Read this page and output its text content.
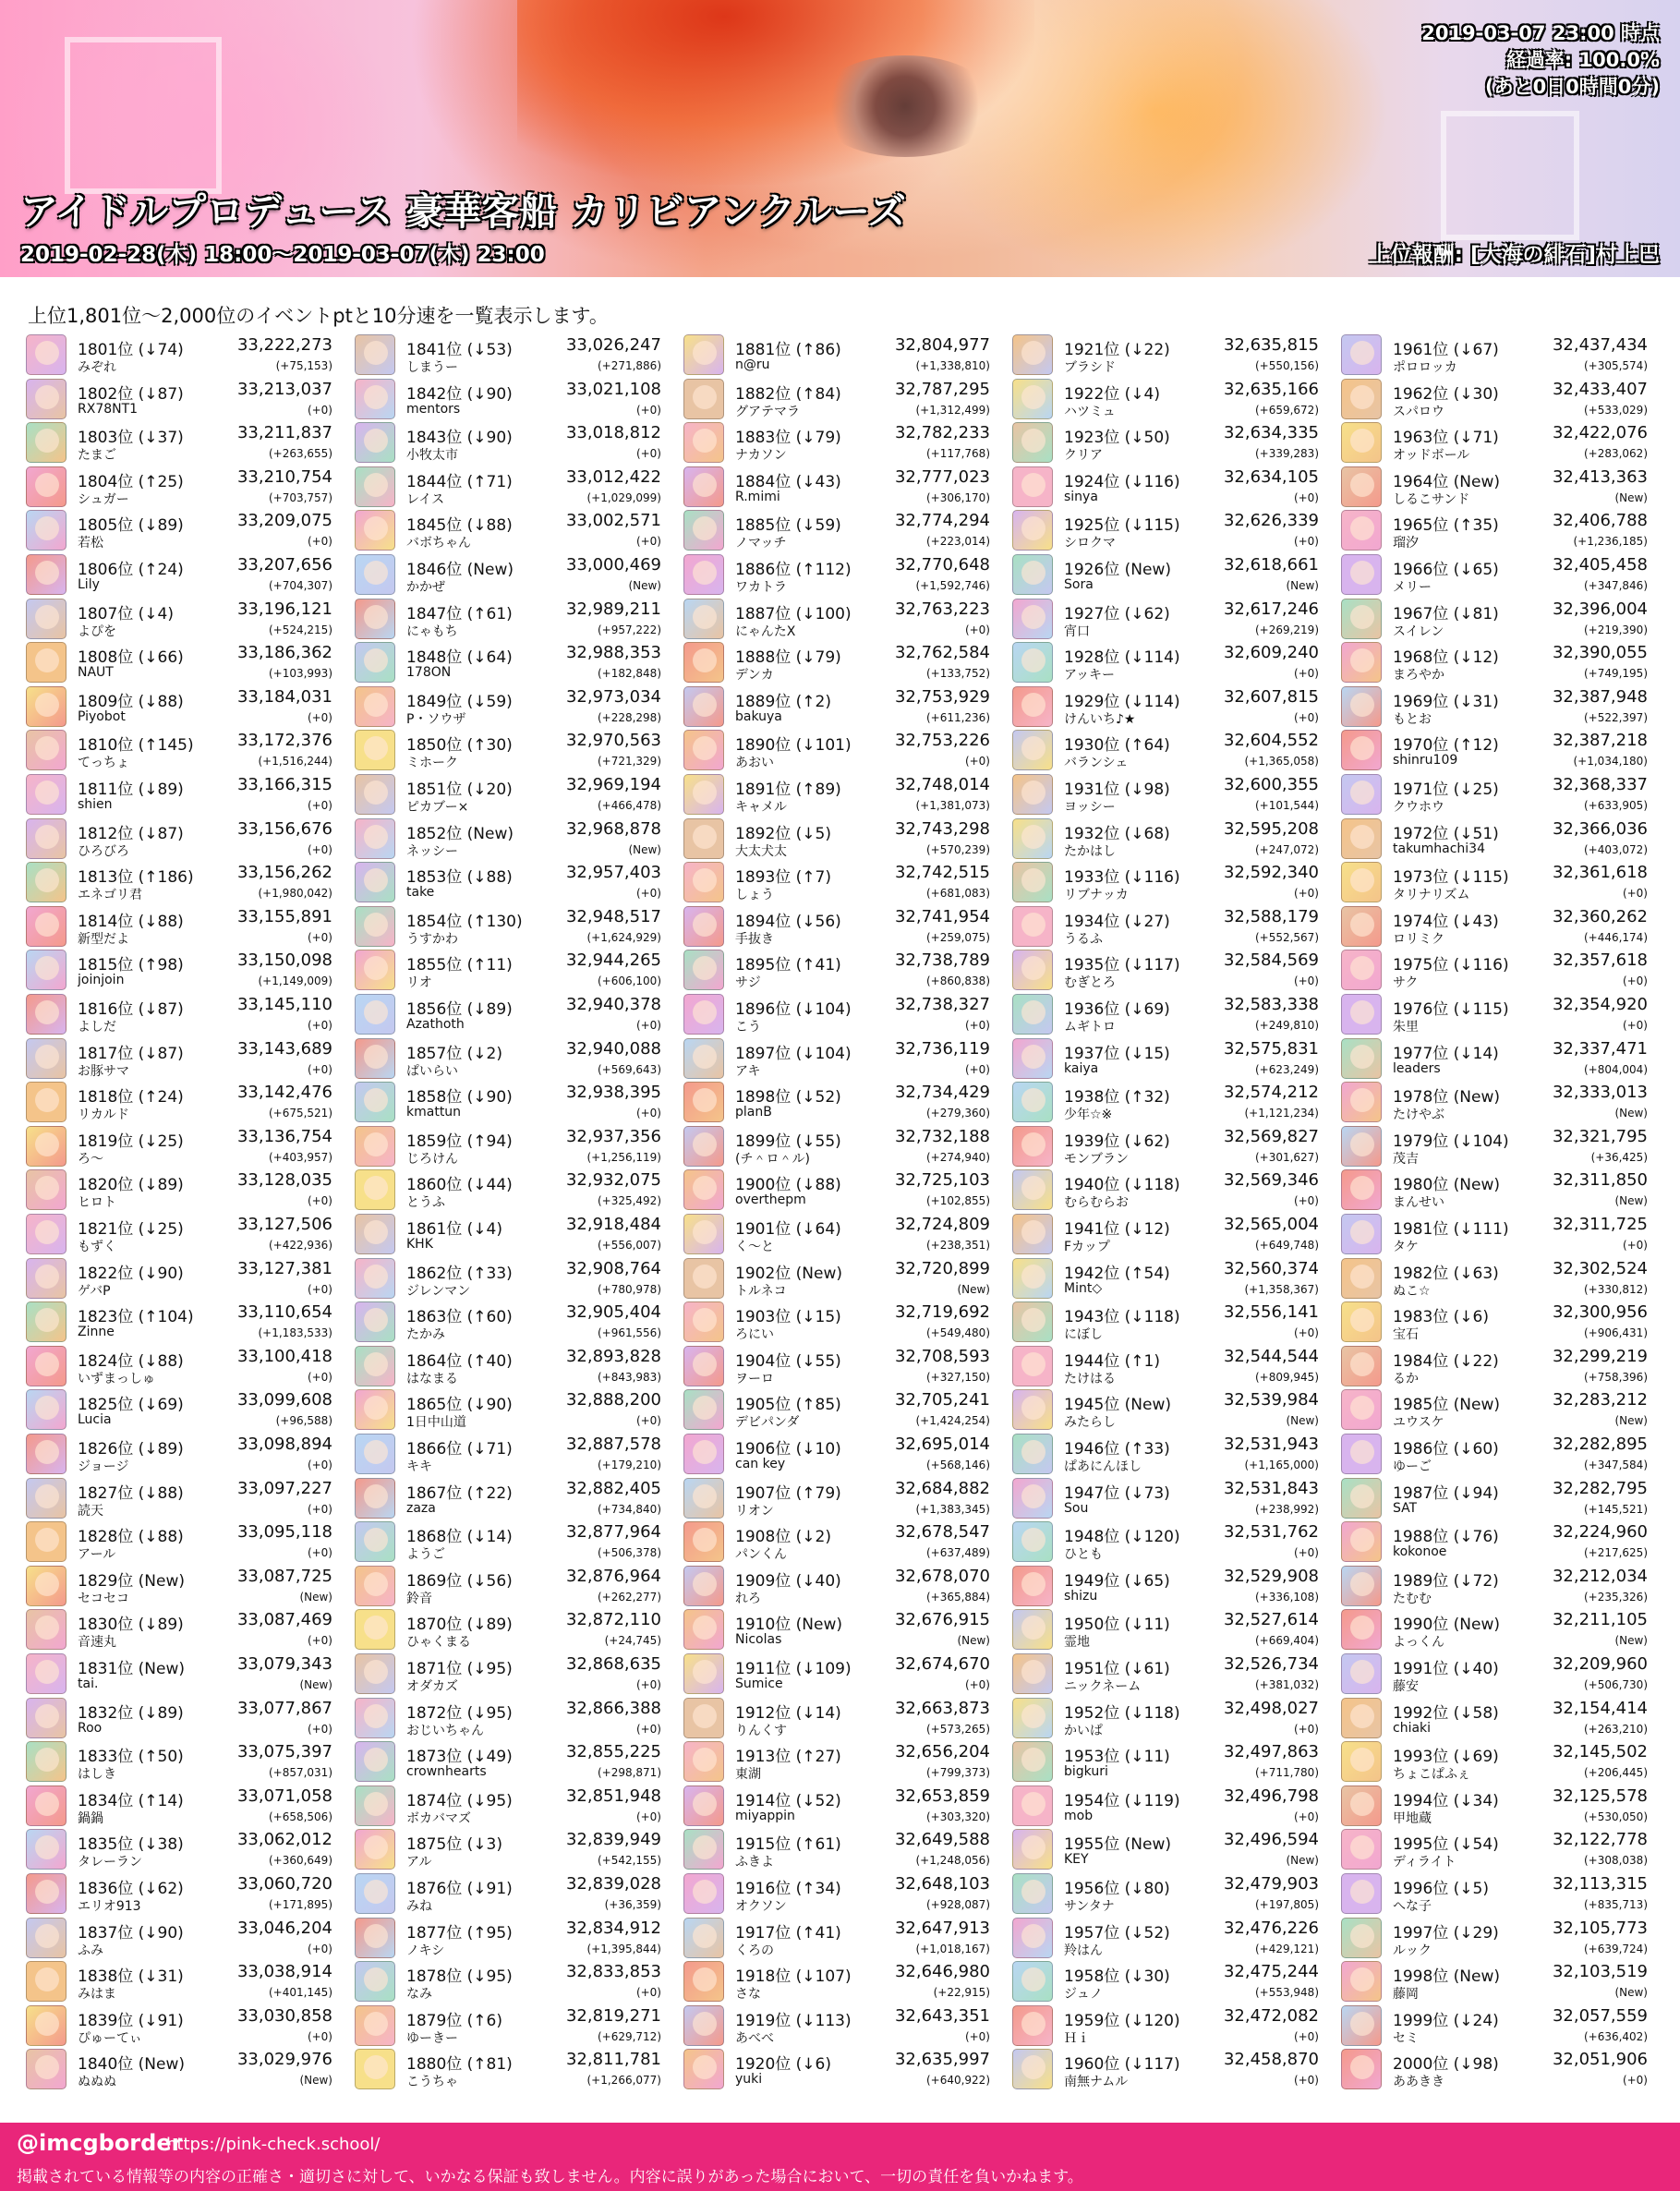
2019-03-07 23:00 時点
経過率: 100.0%
(あと0日0時間0分)
アイドルプロデュース 豪華客船 カリビアンクルーズ
2019-02-28(木) 18:00～2019-03-07(木) 23:00	上位報酬: [大海の緋石]村上巴
上位1,801位～2,000位のイベントptと10分速を一覧表示します。
1801位 (↓74)	33,222,273
みぞれ	(+75,153)
1802位 (↓87)	33,213,037
RX78NT1	(+0)
1803位 (↓37)	33,211,837
たまご	(+263,655)
1804位 (↑25)	33,210,754
シュガー	(+703,757)
1805位 (↓89)	33,209,075
若松	(+0)
1806位 (↑24)	33,207,656
Lily	(+704,307)
1807位 (↓4)	33,196,121
よぴを	(+524,215)
1808位 (↓66)	33,186,362
NAUT	(+103,993)
1809位 (↓88)	33,184,031
Piyobot	(+0)
1810位 (↑145)	33,172,376
てっちょ	(+1,516,244)
1811位 (↓89)	33,166,315
shien	(+0)
1812位 (↓87)	33,156,676
ひろびろ	(+0)
1813位 (↑186)	33,156,262
エネゴリ君	(+1,980,042)
1814位 (↓88)	33,155,891
新型だよ	(+0)
1815位 (↑98)	33,150,098
joinjoin	(+1,149,009)
1816位 (↓87)	33,145,110
よしだ	(+0)
1817位 (↓87)	33,143,689
お豚サマ	(+0)
1818位 (↑24)	33,142,476
リカルド	(+675,521)
1819位 (↓25)	33,136,754
ろ～	(+403,957)
1820位 (↓89)	33,128,035
ヒロト	(+0)
1821位 (↓25)	33,127,506
もずく	(+422,936)
1822位 (↓90)	33,127,381
ゲバP	(+0)
1823位 (↑104)	33,110,654
Zinne	(+1,183,533)
1824位 (↓88)	33,100,418
いずまっしゅ	(+0)
1825位 (↓69)	33,099,608
Lucia	(+96,588)
1826位 (↓89)	33,098,894
ジョージ	(+0)
1827位 (↓88)	33,097,227
読天	(+0)
1828位 (↓88)	33,095,118
アール	(+0)
1829位 (New)	33,087,725
セコセコ	(New)
1830位 (↓89)	33,087,469
音速丸	(+0)
1831位 (New)	33,079,343
tai.	(New)
1832位 (↓89)	33,077,867
Roo	(+0)
1833位 (↑50)	33,075,397
はしき	(+857,031)
1834位 (↑14)	33,071,058
鍋鍋	(+658,506)
1835位 (↓38)	33,062,012
タレーラン	(+360,649)
1836位 (↓62)	33,060,720
エリオ913	(+171,895)
1837位 (↓90)	33,046,204
ふみ	(+0)
1838位 (↓31)	33,038,914
みはま	(+401,145)
1839位 (↓91)	33,030,858
ぴゅーてぃ	(+0)
1840位 (New)	33,029,976
ぬぬぬ	(New)
1841位 (↓53)	33,026,247
しまうー	(+271,886)
1842位 (↓90)	33,021,108
mentors	(+0)
1843位 (↓90)	33,018,812
小牧太市	(+0)
1844位 (↑71)	33,012,422
レイス	(+1,029,099)
1845位 (↓88)	33,002,571
バボちゃん	(+0)
1846位 (New)	33,000,469
かかぜ	(New)
1847位 (↑61)	32,989,211
にゃもち	(+957,222)
1848位 (↓64)	32,988,353
178ON	(+182,848)
1849位 (↓59)	32,973,034
P・ソウザ	(+228,298)
1850位 (↑30)	32,970,563
ミホーク	(+721,329)
1851位 (↓20)	32,969,194
ピカブー×	(+466,478)
1852位 (New)	32,968,878
ネッシー	(New)
1853位 (↓88)	32,957,403
take	(+0)
1854位 (↑130)	32,948,517
うすかわ	(+1,624,929)
1855位 (↑11)	32,944,265
リオ	(+606,100)
1856位 (↓89)	32,940,378
Azathoth	(+0)
1857位 (↓2)	32,940,088
ぱいらい	(+569,643)
1858位 (↓90)	32,938,395
kmattun	(+0)
1859位 (↑94)	32,937,356
じろけん	(+1,256,119)
1860位 (↓44)	32,932,075
とうふ	(+325,492)
1861位 (↓4)	32,918,484
KHK	(+556,007)
1862位 (↑33)	32,908,764
ジレンマン	(+780,978)
1863位 (↑60)	32,905,404
たかみ	(+961,556)
1864位 (↑40)	32,893,828
はなまる	(+843,983)
1865位 (↓90)	32,888,200
1日中山道	(+0)
1866位 (↓71)	32,887,578
キキ	(+179,210)
1867位 (↑22)	32,882,405
zaza	(+734,840)
1868位 (↓14)	32,877,964
ようご	(+506,378)
1869位 (↓56)	32,876,964
鈴音	(+262,277)
1870位 (↓89)	32,872,110
ひゃくまる	(+24,745)
1871位 (↓95)	32,868,635
オダカズ	(+0)
1872位 (↓95)	32,866,388
おじいちゃん	(+0)
1873位 (↓49)	32,855,225
crownhearts	(+298,871)
1874位 (↓95)	32,851,948
ボカバマズ	(+0)
1875位 (↓3)	32,839,949
アル	(+542,155)
1876位 (↓91)	32,839,028
みね	(+36,359)
1877位 (↑95)	32,834,912
ノキシ	(+1,395,844)
1878位 (↓95)	32,833,853
なみ	(+0)
1879位 (↑6)	32,819,271
ゆーきー	(+629,712)
1880位 (↑81)	32,811,781
こうちゃ	(+1,266,077)
1881位 (↑86)	32,804,977
n@ru	(+1,338,810)
1882位 (↑84)	32,787,295
グアテマラ	(+1,312,499)
1883位 (↓79)	32,782,233
ナカソン	(+117,768)
1884位 (↓43)	32,777,023
R.mimi	(+306,170)
1885位 (↓59)	32,774,294
ノマッチ	(+223,014)
1886位 (↑112)	32,770,648
ワカトラ	(+1,592,746)
1887位 (↓100)	32,763,223
にゃんたX	(+0)
1888位 (↓79)	32,762,584
デンカ	(+133,752)
1889位 (↑2)	32,753,929
bakuya	(+611,236)
1890位 (↓101)	32,753,226
あおい	(+0)
1891位 (↑89)	32,748,014
キャメル	(+1,381,073)
1892位 (↓5)	32,743,298
大太犬太	(+570,239)
1893位 (↑7)	32,742,515
しょう	(+681,083)
1894位 (↓56)	32,741,954
手抜き	(+259,075)
1895位 (↑41)	32,738,789
サジ	(+860,838)
1896位 (↓104)	32,738,327
こう	(+0)
1897位 (↓104)	32,736,119
アキ	(+0)
1898位 (↓52)	32,734,429
planB	(+279,360)
1899位 (↓55)	32,732,188
(チ＾ロ＾ル)	(+274,940)
1900位 (↓88)	32,725,103
overthepm	(+102,855)
1901位 (↓64)	32,724,809
く～と	(+238,351)
1902位 (New)	32,720,899
トルネコ	(New)
1903位 (↓15)	32,719,692
ろにい	(+549,480)
1904位 (↓55)	32,708,593
ヲーロ	(+327,150)
1905位 (↑85)	32,705,241
デビパンダ	(+1,424,254)
1906位 (↓10)	32,695,014
can key	(+568,146)
1907位 (↑79)	32,684,882
リオン	(+1,383,345)
1908位 (↓2)	32,678,547
パンくん	(+637,489)
1909位 (↓40)	32,678,070
れろ	(+365,884)
1910位 (New)	32,676,915
Nicolas	(New)
1911位 (↓109)	32,674,670
Sumice	(+0)
1912位 (↓14)	32,663,873
りんくす	(+573,265)
1913位 (↑27)	32,656,204
東湖	(+799,373)
1914位 (↓52)	32,653,859
miyappin	(+303,320)
1915位 (↑61)	32,649,588
ふきよ	(+1,248,056)
1916位 (↑34)	32,648,103
オクソン	(+928,087)
1917位 (↑41)	32,647,913
くろの	(+1,018,167)
1918位 (↓107)	32,646,980
さな	(+22,915)
1919位 (↓113)	32,643,351
あべべ	(+0)
1920位 (↓6)	32,635,997
yuki	(+640,922)
1921位 (↓22)	32,635,815
ブラシド	(+550,156)
1922位 (↓4)	32,635,166
ハツミュ	(+659,672)
1923位 (↓50)	32,634,335
クリア	(+339,283)
1924位 (↓116)	32,634,105
sinya	(+0)
1925位 (↓115)	32,626,339
シロクマ	(+0)
1926位 (New)	32,618,661
Sora	(New)
1927位 (↓62)	32,617,246
宵口	(+269,219)
1928位 (↓114)	32,609,240
アッキー	(+0)
1929位 (↓114)	32,607,815
けんいち♪★	(+0)
1930位 (↑64)	32,604,552
バランシェ	(+1,365,058)
1931位 (↓98)	32,600,355
ヨッシー	(+101,544)
1932位 (↓68)	32,595,208
たかはし	(+247,072)
1933位 (↓116)	32,592,340
リブナッカ	(+0)
1934位 (↓27)	32,588,179
うるふ	(+552,567)
1935位 (↓117)	32,584,569
むぎとろ	(+0)
1936位 (↓69)	32,583,338
ムギトロ	(+249,810)
1937位 (↓15)	32,575,831
kaiya	(+623,249)
1938位 (↑32)	32,574,212
少年☆※	(+1,121,234)
1939位 (↓62)	32,569,827
モンブラン	(+301,627)
1940位 (↓118)	32,569,346
むらむらお	(+0)
1941位 (↓12)	32,565,004
Fカップ	(+649,748)
1942位 (↑54)	32,560,374
Mint◇	(+1,358,367)
1943位 (↓118)	32,556,141
にぼし	(+0)
1944位 (↑1)	32,544,544
たけはる	(+809,945)
1945位 (New)	32,539,984
みたらし	(New)
1946位 (↑33)	32,531,943
ぱあにんほし	(+1,165,000)
1947位 (↓73)	32,531,843
Sou	(+238,992)
1948位 (↓120)	32,531,762
ひとも	(+0)
1949位 (↓65)	32,529,908
shizu	(+336,108)
1950位 (↓11)	32,527,614
霊地	(+669,404)
1951位 (↓61)	32,526,734
ニックネーム	(+381,032)
1952位 (↓118)	32,498,027
かいぱ	(+0)
1953位 (↓11)	32,497,863
bigkuri	(+711,780)
1954位 (↓119)	32,496,798
mob	(+0)
1955位 (New)	32,496,594
KEY	(New)
1956位 (↓80)	32,479,903
サンタナ	(+197,805)
1957位 (↓52)	32,476,226
羚はん	(+429,121)
1958位 (↓30)	32,475,244
ジュノ	(+553,948)
1959位 (↓120)	32,472,082
Ｈｉ	(+0)
1960位 (↓117)	32,458,870
南無ナムル	(+0)
1961位 (↓67)	32,437,434
ポロロッカ	(+305,574)
1962位 (↓30)	32,433,407
スパロウ	(+533,029)
1963位 (↓71)	32,422,076
オッドボール	(+283,062)
1964位 (New)	32,413,363
しるこサンド	(New)
1965位 (↑35)	32,406,788
瑠汐	(+1,236,185)
1966位 (↓65)	32,405,458
メリー	(+347,846)
1967位 (↓81)	32,396,004
スイレン	(+219,390)
1968位 (↓12)	32,390,055
まろやか	(+749,195)
1969位 (↓31)	32,387,948
もとお	(+522,397)
1970位 (↑12)	32,387,218
shinru109	(+1,034,180)
1971位 (↓25)	32,368,337
クウホウ	(+633,905)
1972位 (↓51)	32,366,036
takumhachi34	(+403,072)
1973位 (↓115)	32,361,618
タリナリズム	(+0)
1974位 (↓43)	32,360,262
ロリミク	(+446,174)
1975位 (↓116)	32,357,618
サク	(+0)
1976位 (↓115)	32,354,920
朱里	(+0)
1977位 (↓14)	32,337,471
leaders	(+804,004)
1978位 (New)	32,333,013
たけやぶ	(New)
1979位 (↓104)	32,321,795
茂吉	(+36,425)
1980位 (New)	32,311,850
まんせい	(New)
1981位 (↓111)	32,311,725
タケ	(+0)
1982位 (↓63)	32,302,524
ぬこ☆	(+330,812)
1983位 (↓6)	32,300,956
宝石	(+906,431)
1984位 (↓22)	32,299,219
るか	(+758,396)
1985位 (New)	32,283,212
ユウスケ	(New)
1986位 (↓60)	32,282,895
ゆーご	(+347,584)
1987位 (↓94)	32,282,795
SAT	(+145,521)
1988位 (↓76)	32,224,960
kokonoe	(+217,625)
1989位 (↓72)	32,212,034
たむむ	(+235,326)
1990位 (New)	32,211,105
よっくん	(New)
1991位 (↓40)	32,209,960
藤安	(+506,730)
1992位 (↓58)	32,154,414
chiaki	(+263,210)
1993位 (↓69)	32,145,502
ちょこぱふぇ	(+206,445)
1994位 (↓34)	32,125,578
甲地蔵	(+530,050)
1995位 (↓54)	32,122,778
ディライト	(+308,038)
1996位 (↓5)	32,113,315
へな子	(+835,713)
1997位 (↓29)	32,105,773
ルック	(+639,724)
1998位 (New)	32,103,519
藤岡	(New)
1999位 (↓24)	32,057,559
セミ	(+636,402)
2000位 (↓98)	32,051,906
ああきき	(+0)
@imcgborder
https://pink-check.school/
掲載されている情報等の内容の正確さ・適切さに対して、いかなる保証も致しません。内容に誤りがあった場合において、一切の責任を負いかねます。
